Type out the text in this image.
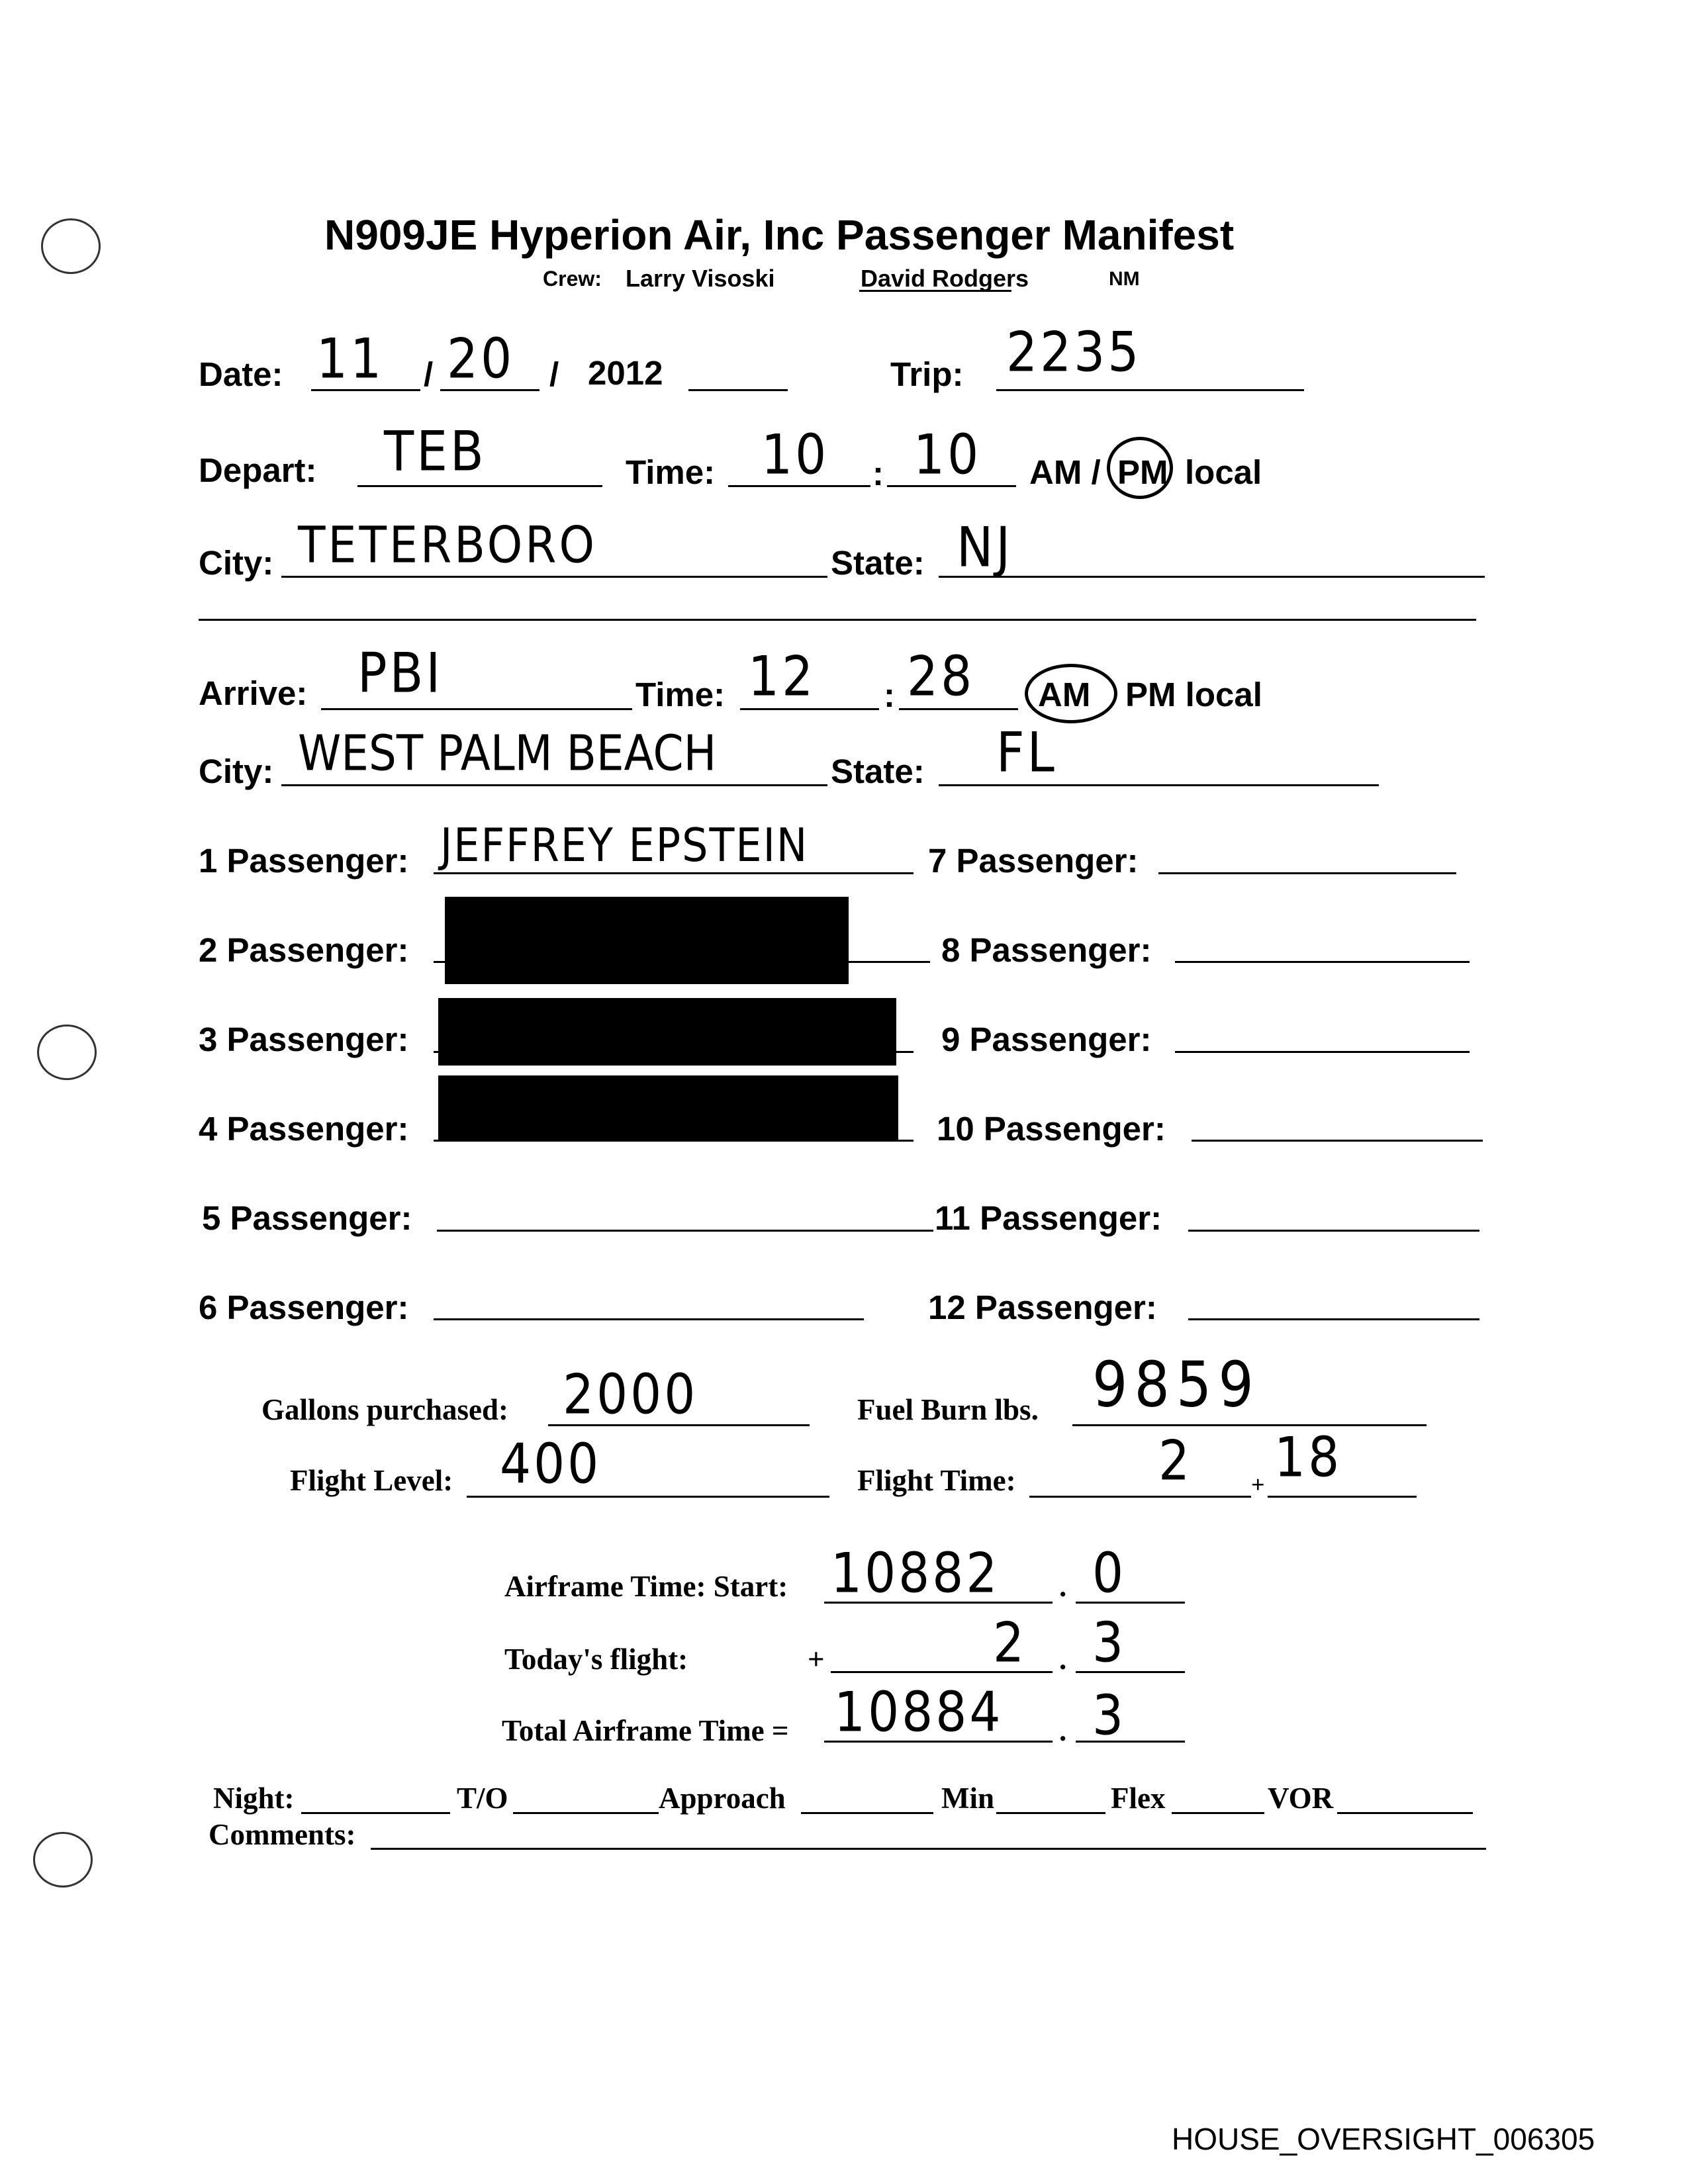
N909JE Hyperion Air, Inc Passenger Manifest
Crew: Larry Visoski	David Rodgers	NM
Date: 11 / 20 / 2012	Trip: 2235
Depart: TEB	Time: 10 : 10 AM / PM local
City: TETERBORO	State: NJ
Arrive: PBI	Time: 12 : 28 AM PM local
City: WEST PALM BEACH	State: FL
1 Passenger: JEFFREY EPSTEIN
2 Passenger:
3 Passenger:
4 Passenger:
5 Passenger:
6 Passenger:
7 Passenger:
8 Passenger:
9 Passenger:
10 Passenger:
11 Passenger:
12 Passenger:
Gallons purchased: 2000	Fuel Burn lbs. 9859
Flight Level: 400	Flight Time:	2 + 18
Airframe Time: Start: 10882 . 0
Today's flight:	+	2 . 3
Total Airframe Time = 10884 . 3
Night:	T/O	Approach	Min	Flex	VOR
Comments:
HOUSE_OVERSIGHT_006305
